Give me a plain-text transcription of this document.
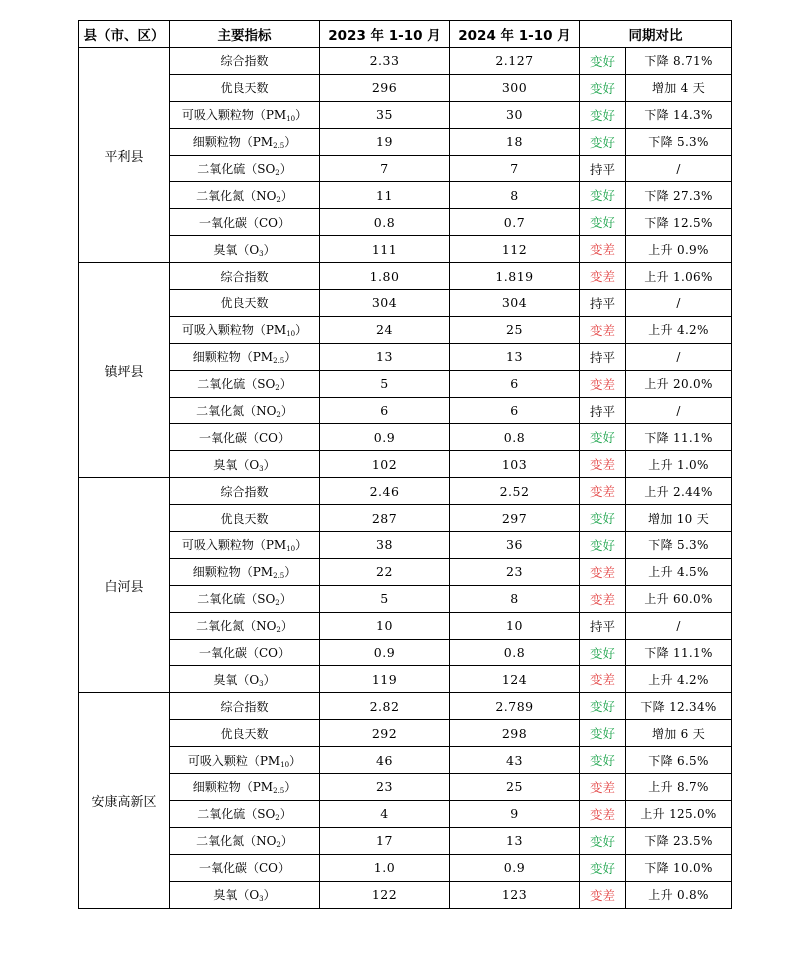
县（市、区）	主要指标	2023 年 1-10 月	2024 年 1-10 月	同期对比	
平利县	综合指数	2.33	2.127	变好	下降 8.71%
	优良天数	296	300	变好	增加 4 天
	可吸入颗粒物$(PM_{10})$	35	30	变好	下降 14.3%
	细颗粒物$(PM_{2.5})$	19	18	变好	下降 5.3%
	二氧化硫$(SO_2)$	7	7	持平	/
	二氧化氮$(NO_2)$	11	8	变好	下降 27.3%
	一氧化碳（CO）	0.8	0.7	变好	下降 12.5%
	臭氧$(O_3)$	111	112	变差	上升 0.9%
镇坪县	综合指数	1.80	1.819	变差	上升 1.06%
	优良天数	304	304	持平	/
	可吸入颗粒物$(PM_{10})$	24	25	变差	上升 4.2%
	细颗粒物$(PM_{2.5})$	13	13	持平	/
	二氧化硫$(SO_2)$	5	6	变差	上升 20.0%
	二氧化氮$(NO_2)$	6	6	持平	/
	一氧化碳（CO）	0.9	0.8	变好	下降 11.1%
	臭氧$(O_3)$	102	103	变差	上升 1.0%
白河县	综合指数	2.46	2.52	变差	上升 2.44%
	优良天数	287	297	变好	增加 10 天
	可吸入颗粒物$(PM_{10})$	38	36	变好	下降 5.3%
	细颗粒物$(PM_{2.5})$	22	23	变差	上升 4.5%
	二氧化硫$(SO_2)$	5	8	变差	上升 60.0%
	二氧化氮$(NO_2)$	10	10	持平	/
	一氧化碳（CO）	0.9	0.8	变好	下降 11.1%
	臭氧$(O_3)$	119	124	变差	上升 4.2%
安康高新区	综合指数	2.82	2.789	变好	下降 12.34%
	优良天数	292	298	变好	增加 6 天
	可吸入颗粒$(PM_{10})$	46	43	变好	下降 6.5%
	细颗粒物$(PM_{2.5})$	23	25	变差	上升 8.7%
	二氧化硫$(SO_2)$	4	9	变差	上升 125.0%
	二氧化氮$(NO_2)$	17	13	变好	下降 23.5%
	一氧化碳（CO）	1.0	0.9	变好	下降 10.0%
	臭氧$(O_3)$	122	123	变差	上升 0.8%
